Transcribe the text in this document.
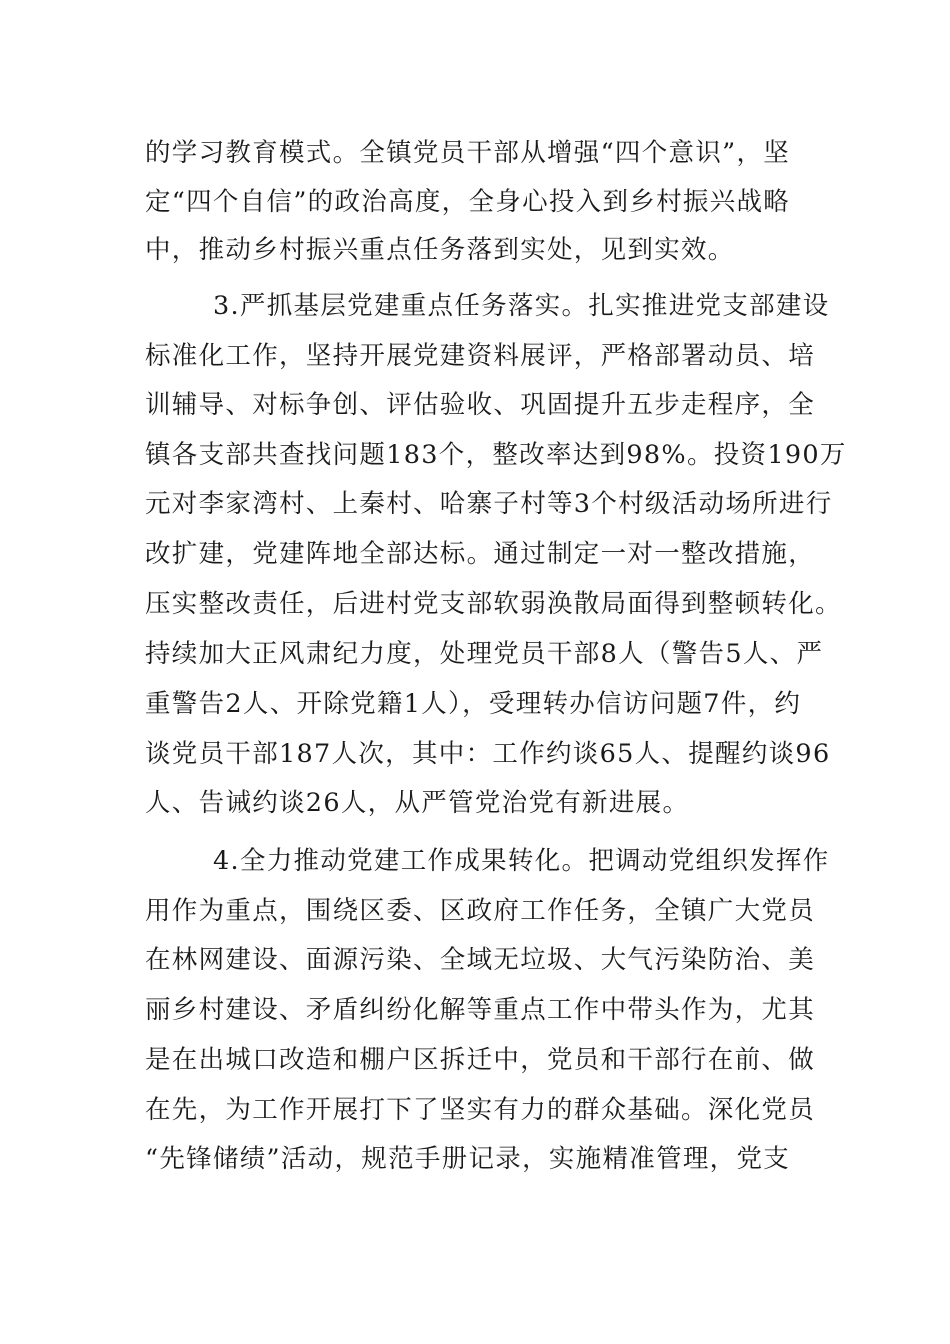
的学习教育模式。全镇党员干部从增强“四个意识”，坚

定“四个自信”的政治高度，全身心投入到乡村振兴战略

中，推动乡村振兴重点任务落到实处，见到实效。

3.严抓基层党建重点任务落实。扎实推进党支部建设

标准化工作，坚持开展党建资料展评，严格部署动员、培

训辅导、对标争创、评估验收、巩固提升五步走程序，全

镇各支部共查找问题183个，整改率达到98%。投资190万

元对李家湾村、上秦村、哈寨子村等3个村级活动场所进行

改扩建，党建阵地全部达标。通过制定一对一整改措施，

压实整改责任，后进村党支部软弱涣散局面得到整顿转化。

持续加大正风肃纪力度，处理党员干部8人（警告5人、严

重警告2人、开除党籍1人），受理转办信访问题7件，约

谈党员干部187人次，其中：工作约谈65人、提醒约谈96

人、告诫约谈26人，从严管党治党有新进展。

4.全力推动党建工作成果转化。把调动党组织发挥作

用作为重点，围绕区委、区政府工作任务，全镇广大党员

在林网建设、面源污染、全域无垃圾、大气污染防治、美

丽乡村建设、矛盾纠纷化解等重点工作中带头作为，尤其

是在出城口改造和棚户区拆迁中，党员和干部行在前、做

在先，为工作开展打下了坚实有力的群众基础。深化党员

“先锋储绩”活动，规范手册记录，实施精准管理，党支
